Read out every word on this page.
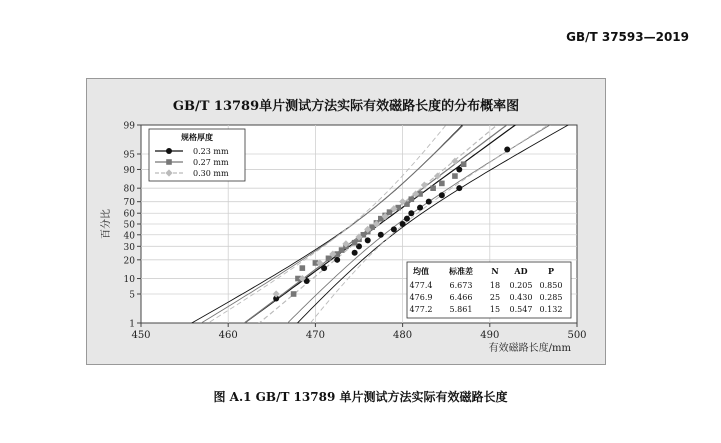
GB/T 37593—2019
GB/T 13789单片测试方法实际有效磁路长度的分布概率图
1
5
10
20
30
40
50
60
70
80
90
95
99
450	460	470	480	490	500
有效磁路长度/mm
百分比
规格厚度
0.23 mm
0.27 mm
0.30 mm
均值	标准差 N AD	P
477.4 6.673 18 0.205 0.850
476.9 6.466 25 0.430 0.285
477.2 5.861 15 0.547 0.132
图 A.1 GB/T 13789 单片测试方法实际有效磁路长度
